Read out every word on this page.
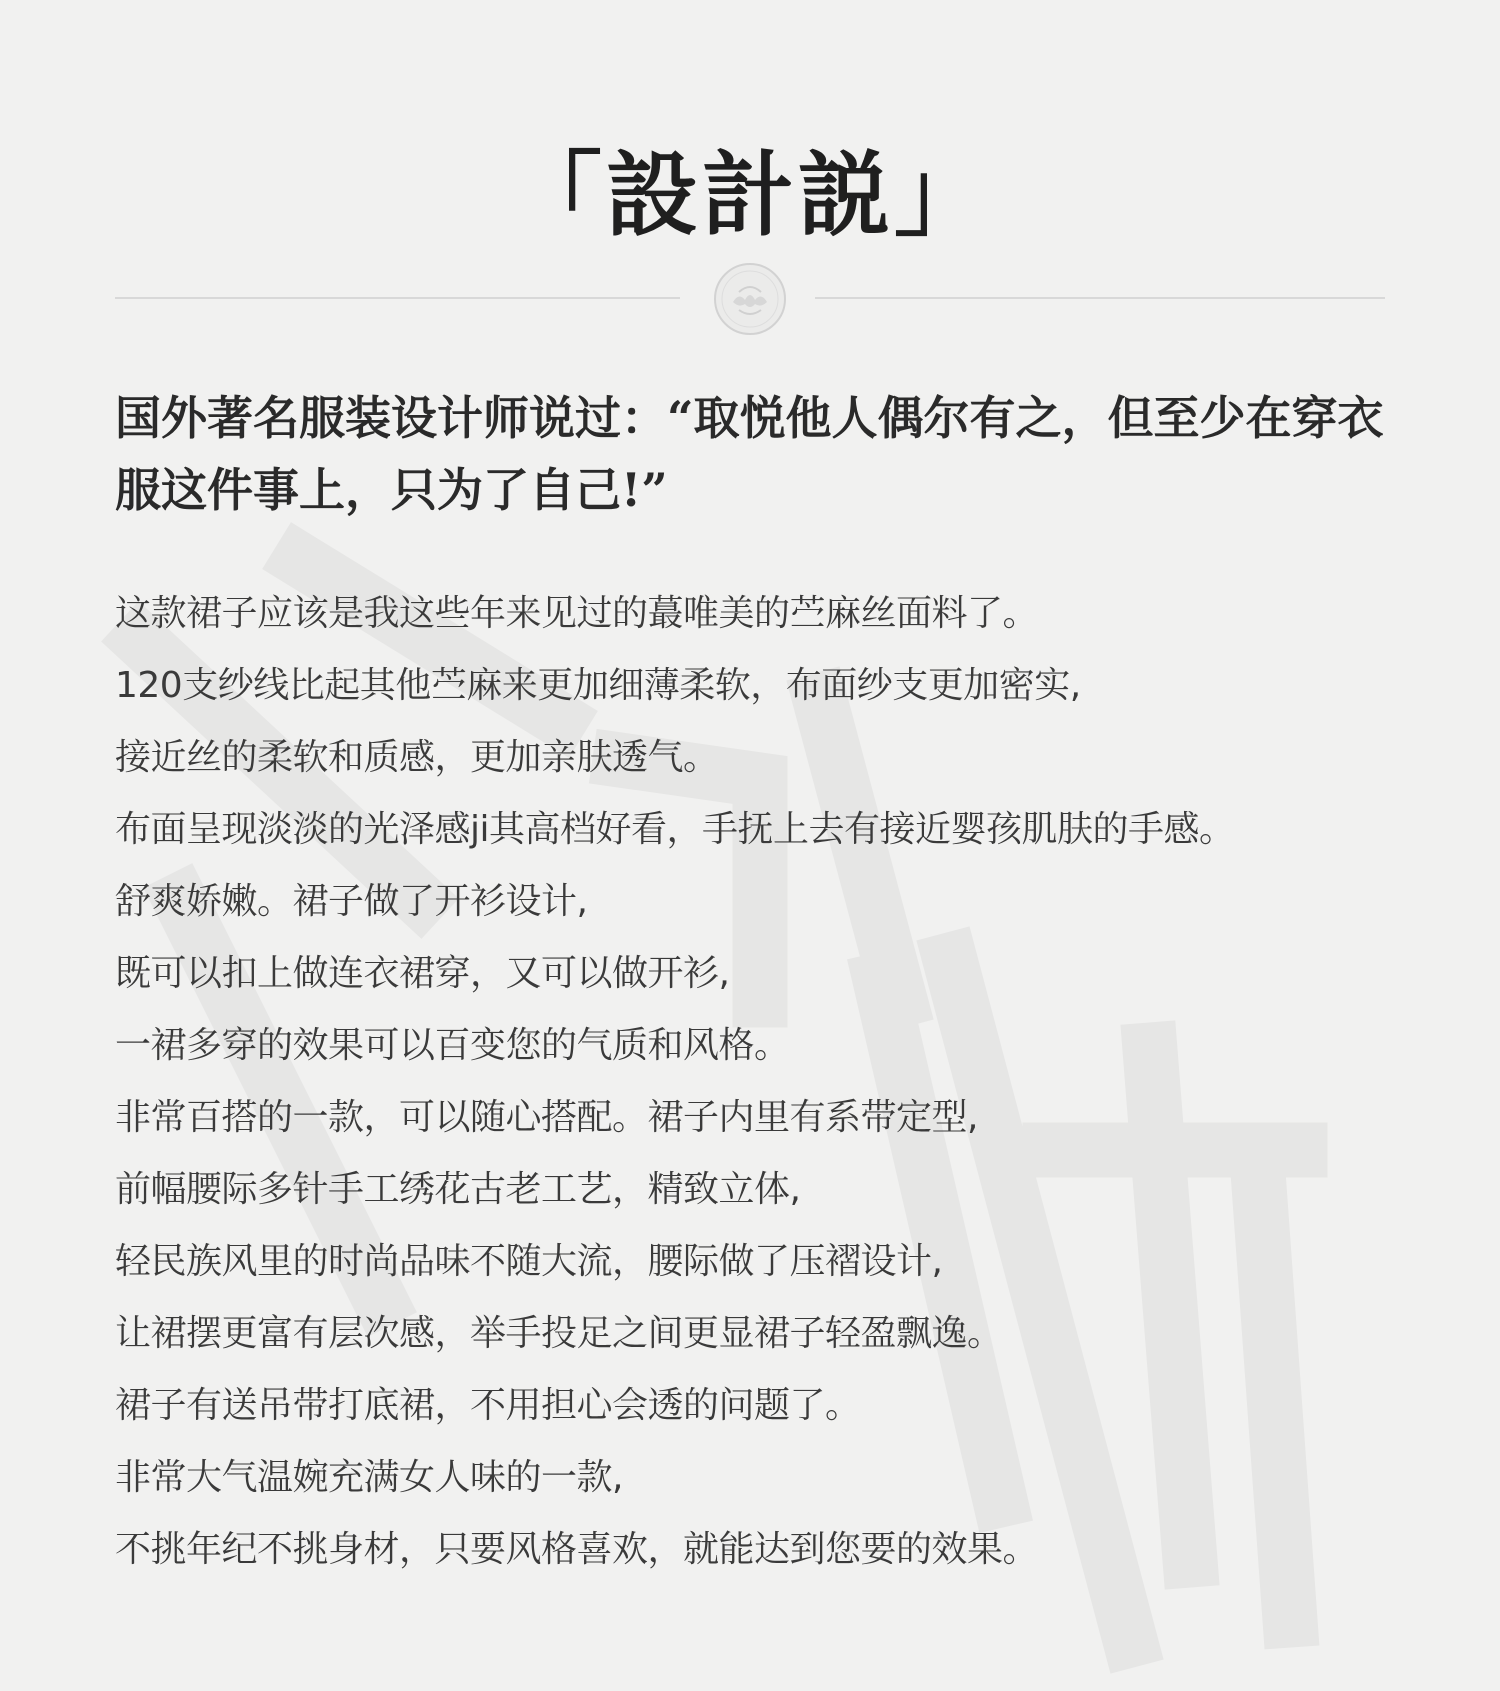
「設計説」

国外著名服装设计师说过：“取悦他人偶尔有之，但至少在穿衣服这件事上，只为了自己!”

这款裙子应该是我这些年来见过的蕞唯美的苎麻丝面料了。
120支纱线比起其他苎麻来更加细薄柔软，布面纱支更加密实,
接近丝的柔软和质感，更加亲肤透气。
布面呈现淡淡的光泽感ji其高档好看，手抚上去有接近婴孩肌肤的手感。
舒爽娇嫩。裙子做了开衫设计,
既可以扣上做连衣裙穿，又可以做开衫,
一裙多穿的效果可以百变您的气质和风格。
非常百搭的一款，可以随心搭配。裙子内里有系带定型,
前幅腰际多针手工绣花古老工艺，精致立体,
轻民族风里的时尚品味不随大流，腰际做了压褶设计,
让裙摆更富有层次感，举手投足之间更显裙子轻盈飘逸。
裙子有送吊带打底裙，不用担心会透的问题了。
非常大气温婉充满女人味的一款,
不挑年纪不挑身材，只要风格喜欢，就能达到您要的效果。
